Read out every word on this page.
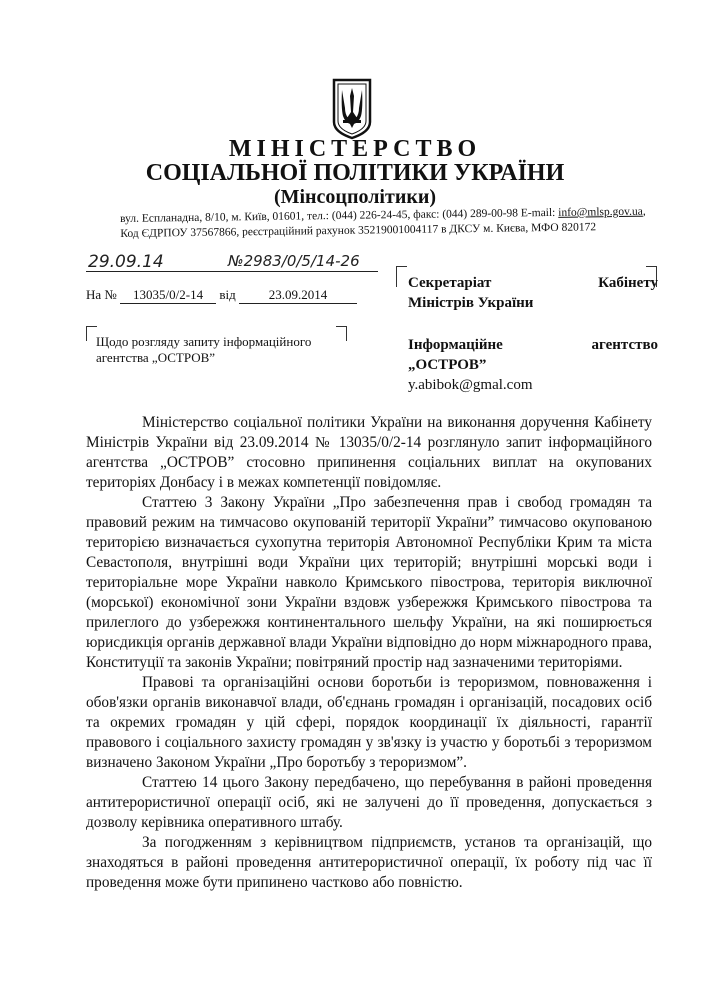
МІНІСТЕРСТВО
СОЦІАЛЬНОЇ ПОЛІТИКИ УКРАЇНИ
(Мінсоцполітики)
вул. Еспланадна, 8/10, м. Київ, 01601, тел.: (044) 226-24-45, факс: (044) 289-00-98 E-mail: info@mlsp.gov.ua,
Код ЄДРПОУ 37567866, реєстраційний рахунок 35219001004117 в ДКСУ м. Києва, МФО 820172
29.09.14	№2983/0/5/14-26
На № 13035/0/2-14 від	23.09.2014
Щодо розгляду запиту інформаційного агентства „ОСТРОВ”
Секретаріат	Кабінету
Міністрів України
Інформаційне	агентство
„ОСТРОВ”
y.abibok@gmal.com

Міністерство соціальної політики України на виконання доручення Кабінету Міністрів України від 23.09.2014 № 13035/0/2-14 розглянуло запит інформаційного агентства „ОСТРОВ” стосовно припинення соціальних виплат на окупованих територіях Донбасу і в межах компетенції повідомляє.

Статтею 3 Закону України „Про забезпечення прав і свобод громадян та правовий режим на тимчасово окупованій території України” тимчасово окупованою територією визначається сухопутна територія Автономної Республіки Крим та міста Севастополя, внутрішні води України цих територій; внутрішні морські води і територіальне море України навколо Кримського півострова, територія виключної (морської) економічної зони України вздовж узбережжя Кримського півострова та прилеглого до узбережжя континентального шельфу України, на які поширюється юрисдикція органів державної влади України відповідно до норм міжнародного права, Конституції та законів України; повітряний простір над зазначеними територіями.

Правові та організаційні основи боротьби із тероризмом, повноваження і обов'язки органів виконавчої влади, об'єднань громадян і організацій, посадових осіб та окремих громадян у цій сфері, порядок координації їх діяльності, гарантії правового і соціального захисту громадян у зв'язку із участю у боротьбі з тероризмом визначено Законом України „Про боротьбу з тероризмом”.

Статтею 14 цього Закону передбачено, що перебування в районі проведення антитерористичної операції осіб, які не залучені до її проведення, допускається з дозволу керівника оперативного штабу.

За погодженням з керівництвом підприємств, установ та організацій, що знаходяться в районі проведення антитерористичної операції, їх роботу під час її проведення може бути припинено частково або повністю.
